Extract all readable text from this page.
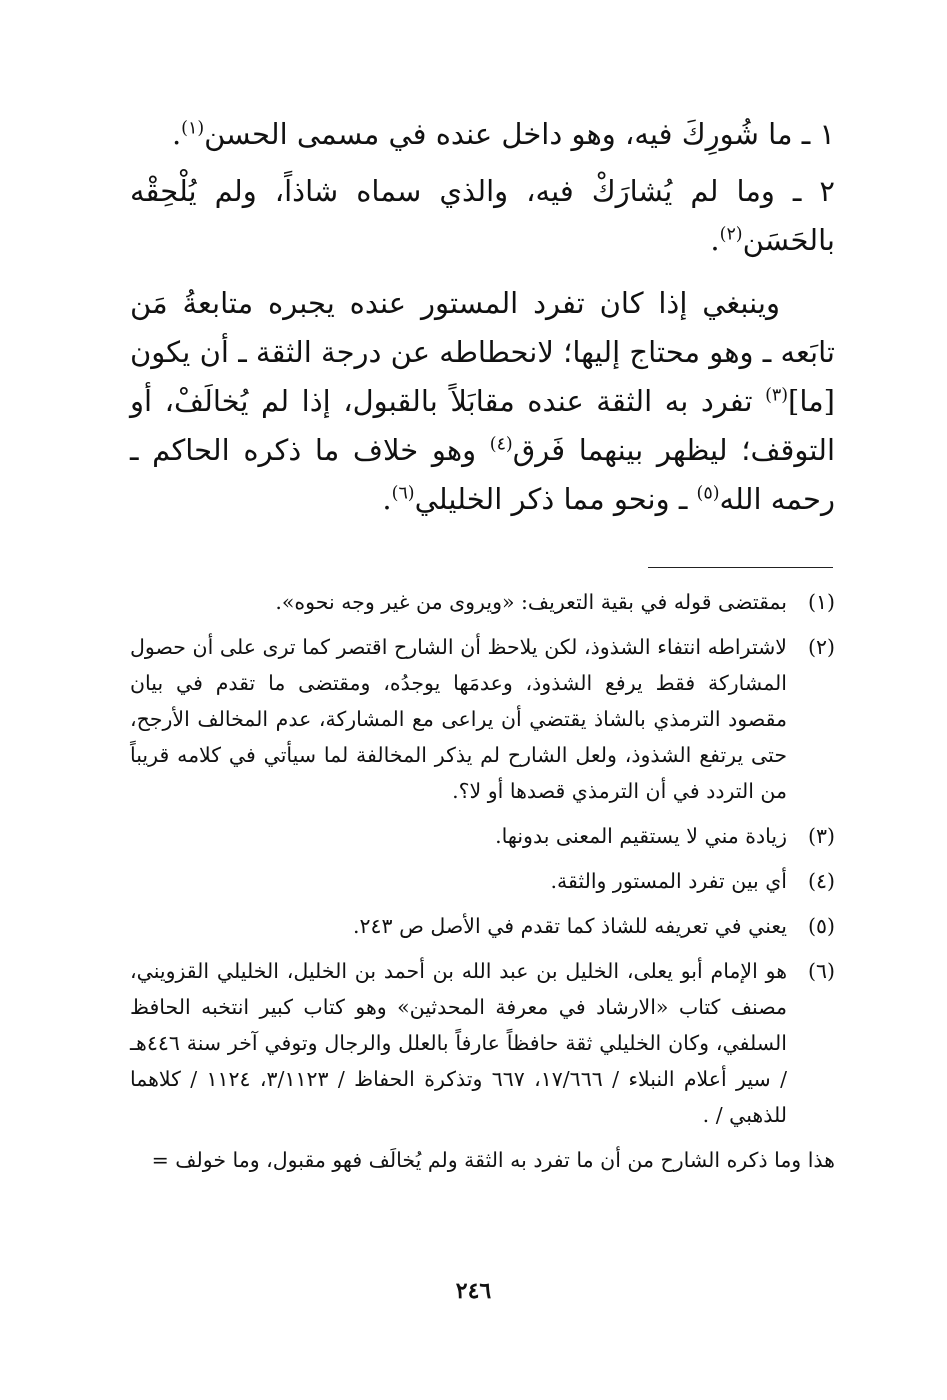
١ ـ ما شُورِكَ فيه، وهو داخل عنده في مسمى الحسن$^{(١)}$.

٢ ـ وما لم يُشارَكْ فيه، والذي سماه شاذاً، ولم يُلْحِقْه بالحَسَن$^{(٢)}$.

وينبغي إذا كان تفرد المستور عنده يجبره متابعةُ مَن تابَعه ـ وهو محتاج إليها؛ لانحطاطه عن درجة الثقة ـ أن يكون [ما]$^{(٣)}$ تفرد به الثقة عنده مقابَلاً بالقبول، إذا لم يُخالَفْ، أو التوقف؛ ليظهر بينهما فَرق$^{(٤)}$ وهو خلاف ما ذكره الحاكم ـ رحمه الله$^{(٥)}$ ـ ونحو مما ذكر الخليلي$^{(٦)}$.

(١)
بمقتضى قوله في بقية التعريف: «ويروى من غير وجه نحوه».
(٢)
لاشتراطه انتفاء الشذوذ، لكن يلاحظ أن الشارح اقتصر كما ترى على أن حصول المشاركة فقط يرفع الشذوذ، وعدمَها يوجدُه، ومقتضى ما تقدم في بيان مقصود الترمذي بالشاذ يقتضي أن يراعى مع المشاركة، عدم المخالف الأرجح، حتى يرتفع الشذوذ، ولعل الشارح لم يذكر المخالفة لما سيأتي في كلامه قريباً من التردد في أن الترمذي قصدها أو لا؟.
(٣)
زيادة مني لا يستقيم المعنى بدونها.
(٤)
أي بين تفرد المستور والثقة.
(٥)
يعني في تعريفه للشاذ كما تقدم في الأصل ص ٢٤٣.
(٦)
هو الإمام أبو يعلى، الخليل بن عبد الله بن أحمد بن الخليل، الخليلي القزويني، مصنف كتاب «الارشاد في معرفة المحدثين» وهو كتاب كبير انتخبه الحافظ السلفي، وكان الخليلي ثقة حافظاً عارفاً بالعلل والرجال وتوفي آخر سنة ٤٤٦هـ / سير أعلام النبلاء / ١٧/٦٦٦، ٦٦٧ وتذكرة الحفاظ / ٣/١١٢٣، ١١٢٤ / كلاهما للذهبي / .
هذا وما ذكره الشارح من أن ما تفرد به الثقة ولم يُخالَف فهو مقبول، وما خولف =
٢٤٦
